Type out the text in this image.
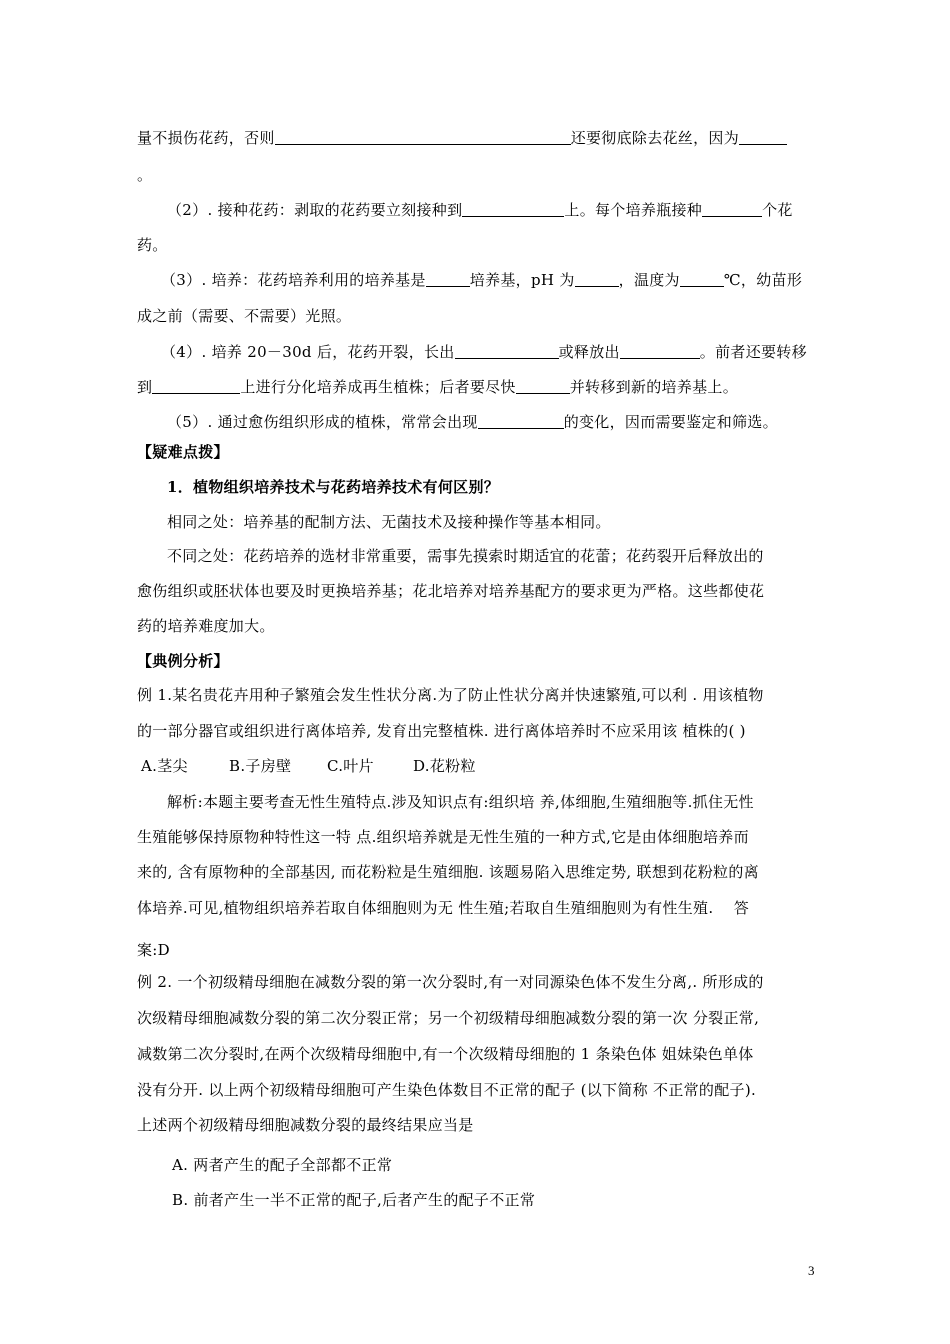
量不损伤花药，否则	还要彻底除去花丝，因为
。
（2）. 接种花药：剥取的花药要立刻接种到	上。每个培养瓶接种	个花
药。
（3）. 培养：花药培养利用的培养基是	培养基，pH 为	，温度为	℃，幼苗形
成之前（需要、不需要）光照。
（4）. 培养 20－30d 后，花药开裂，长出	或释放出	。前者还要转移
到	上进行分化培养成再生植株；后者要尽快	并转移到新的培养基上。
（5）. 通过愈伤组织形成的植株，常常会出现	的变化，因而需要鉴定和筛选。
【疑难点拨】
1．植物组织培养技术与花药培养技术有何区别？
相同之处：培养基的配制方法、无菌技术及接种操作等基本相同。
不同之处：花药培养的选材非常重要，需事先摸索时期适宜的花蕾；花药裂开后释放出的
愈伤组织或胚状体也要及时更换培养基；花北培养对培养基配方的要求更为严格。这些都使花
药的培养难度加大。
【典例分析】
例 1.某名贵花卉用种子繁殖会发生性状分离.为了防止性状分离并快速繁殖,可以利 . 用该植物
的一部分器官或组织进行离体培养, 发育出完整植株. 进行离体培养时不应采用该 植株的( )
A.茎尖	B.子房壁 C.叶片	D.花粉粒
解析:本题主要考查无性生殖特点.涉及知识点有:组织培 养,体细胞,生殖细胞等.抓住无性
生殖能够保持原物种特性这一特 点.组织培养就是无性生殖的一种方式,它是由体细胞培养而
来的, 含有原物种的全部基因, 而花粉粒是生殖细胞. 该题易陷入思维定势, 联想到花粉粒的离
体培养.可见,植物组织培养若取自体细胞则为无 性生殖;若取自生殖细胞则为有性生殖.　 答
案:D
例 2. 一个初级精母细胞在减数分裂的第一次分裂时,有一对同源染色体不发生分离,. 所形成的
次级精母细胞减数分裂的第二次分裂正常；另一个初级精母细胞减数分裂的第一次 分裂正常,
减数第二次分裂时,在两个次级精母细胞中,有一个次级精母细胞的 1 条染色体 姐妹染色单体
没有分开. 以上两个初级精母细胞可产生染色体数目不正常的配子 (以下简称 不正常的配子).
上述两个初级精母细胞减数分裂的最终结果应当是
A. 两者产生的配子全部都不正常
B. 前者产生一半不正常的配子,后者产生的配子不正常
3
